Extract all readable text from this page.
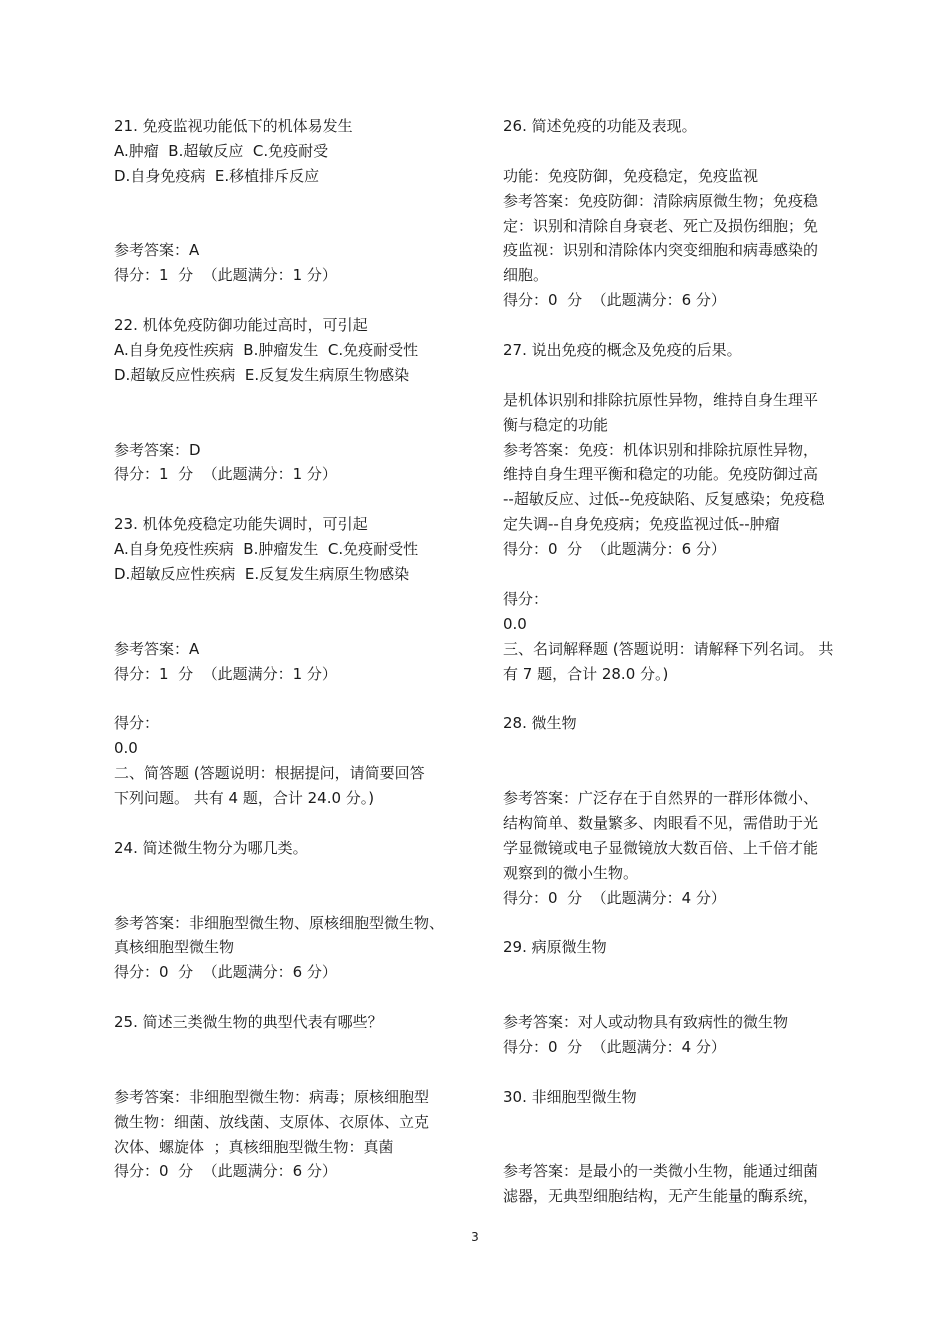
21. 免疫监视功能低下的机体易发生
A.肿瘤  B.超敏反应  C.免疫耐受
D.自身免疫病  E.移植排斥反应
参考答案：A
得分：1  分  （此题满分：1 分）
22. 机体免疫防御功能过高时，可引起
A.自身免疫性疾病  B.肿瘤发生  C.免疫耐受性
D.超敏反应性疾病  E.反复发生病原生物感染
参考答案：D
得分：1  分  （此题满分：1 分）
23. 机体免疫稳定功能失调时，可引起
A.自身免疫性疾病  B.肿瘤发生  C.免疫耐受性
D.超敏反应性疾病  E.反复发生病原生物感染
参考答案：A
得分：1  分  （此题满分：1 分）
得分：
0.0
二、简答题 (答题说明：根据提问，请简要回答
下列问题。 共有 4 题，合计 24.0 分。)
24. 简述微生物分为哪几类。
参考答案：非细胞型微生物、原核细胞型微生物、
真核细胞型微生物
得分：0  分  （此题满分：6 分）
25. 简述三类微生物的典型代表有哪些？
参考答案：非细胞型微生物：病毒；原核细胞型
微生物：细菌、放线菌、支原体、衣原体、立克
次体、螺旋体  ；真核细胞型微生物：真菌
得分：0  分  （此题满分：6 分）
26. 简述免疫的功能及表现。
功能：免疫防御，免疫稳定，免疫监视
参考答案：免疫防御：清除病原微生物；免疫稳
定：识别和清除自身衰老、死亡及损伤细胞；免
疫监视：识别和清除体内突变细胞和病毒感染的
细胞。
得分：0  分  （此题满分：6 分）
27. 说出免疫的概念及免疫的后果。
是机体识别和排除抗原性异物，维持自身生理平
衡与稳定的功能
参考答案：免疫：机体识别和排除抗原性异物，
维持自身生理平衡和稳定的功能。免疫防御过高
--超敏反应、过低--免疫缺陷、反复感染；免疫稳
定失调--自身免疫病；免疫监视过低--肿瘤
得分：0  分  （此题满分：6 分）
得分：
0.0
三、名词解释题 (答题说明：请解释下列名词。 共
有 7 题，合计 28.0 分。)
28. 微生物
参考答案：广泛存在于自然界的一群形体微小、
结构简单、数量繁多、肉眼看不见，需借助于光
学显微镜或电子显微镜放大数百倍、上千倍才能
观察到的微小生物。
得分：0  分  （此题满分：4 分）
29. 病原微生物
参考答案：对人或动物具有致病性的微生物
得分：0  分  （此题满分：4 分）
30. 非细胞型微生物
参考答案：是最小的一类微小生物，能通过细菌
滤器，无典型细胞结构，无产生能量的酶系统，
3
